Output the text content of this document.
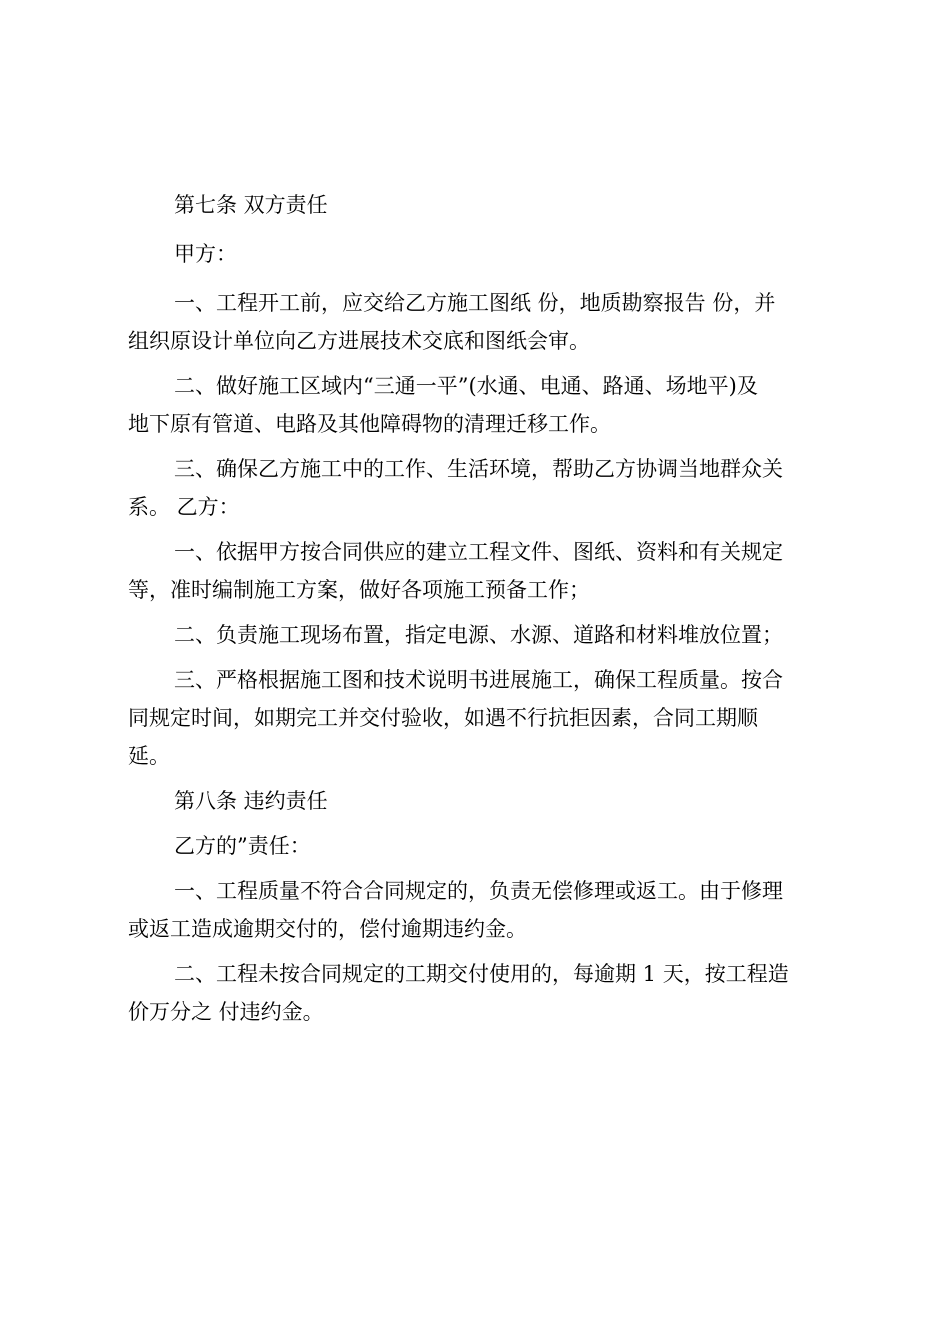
第七条 双方责任
甲方：
一、工程开工前，应交给乙方施工图纸 份，地质勘察报告 份，并
组织原设计单位向乙方进展技术交底和图纸会审。
二、做好施工区域内“三通一平”(水通、电通、路通、场地平)及
地下原有管道、电路及其他障碍物的清理迁移工作。
三、确保乙方施工中的工作、生活环境，帮助乙方协调当地群众关
系。 乙方：
一、依据甲方按合同供应的建立工程文件、图纸、资料和有关规定
等，准时编制施工方案，做好各项施工预备工作；
二、负责施工现场布置，指定电源、水源、道路和材料堆放位置；
三、严格根据施工图和技术说明书进展施工，确保工程质量。按合
同规定时间，如期完工并交付验收，如遇不行抗拒因素，合同工期顺
延。
第八条 违约责任
乙方的”责任：
一、工程质量不符合合同规定的，负责无偿修理或返工。由于修理
或返工造成逾期交付的，偿付逾期违约金。
二、工程未按合同规定的工期交付使用的，每逾期 1 天，按工程造
价万分之 付违约金。
